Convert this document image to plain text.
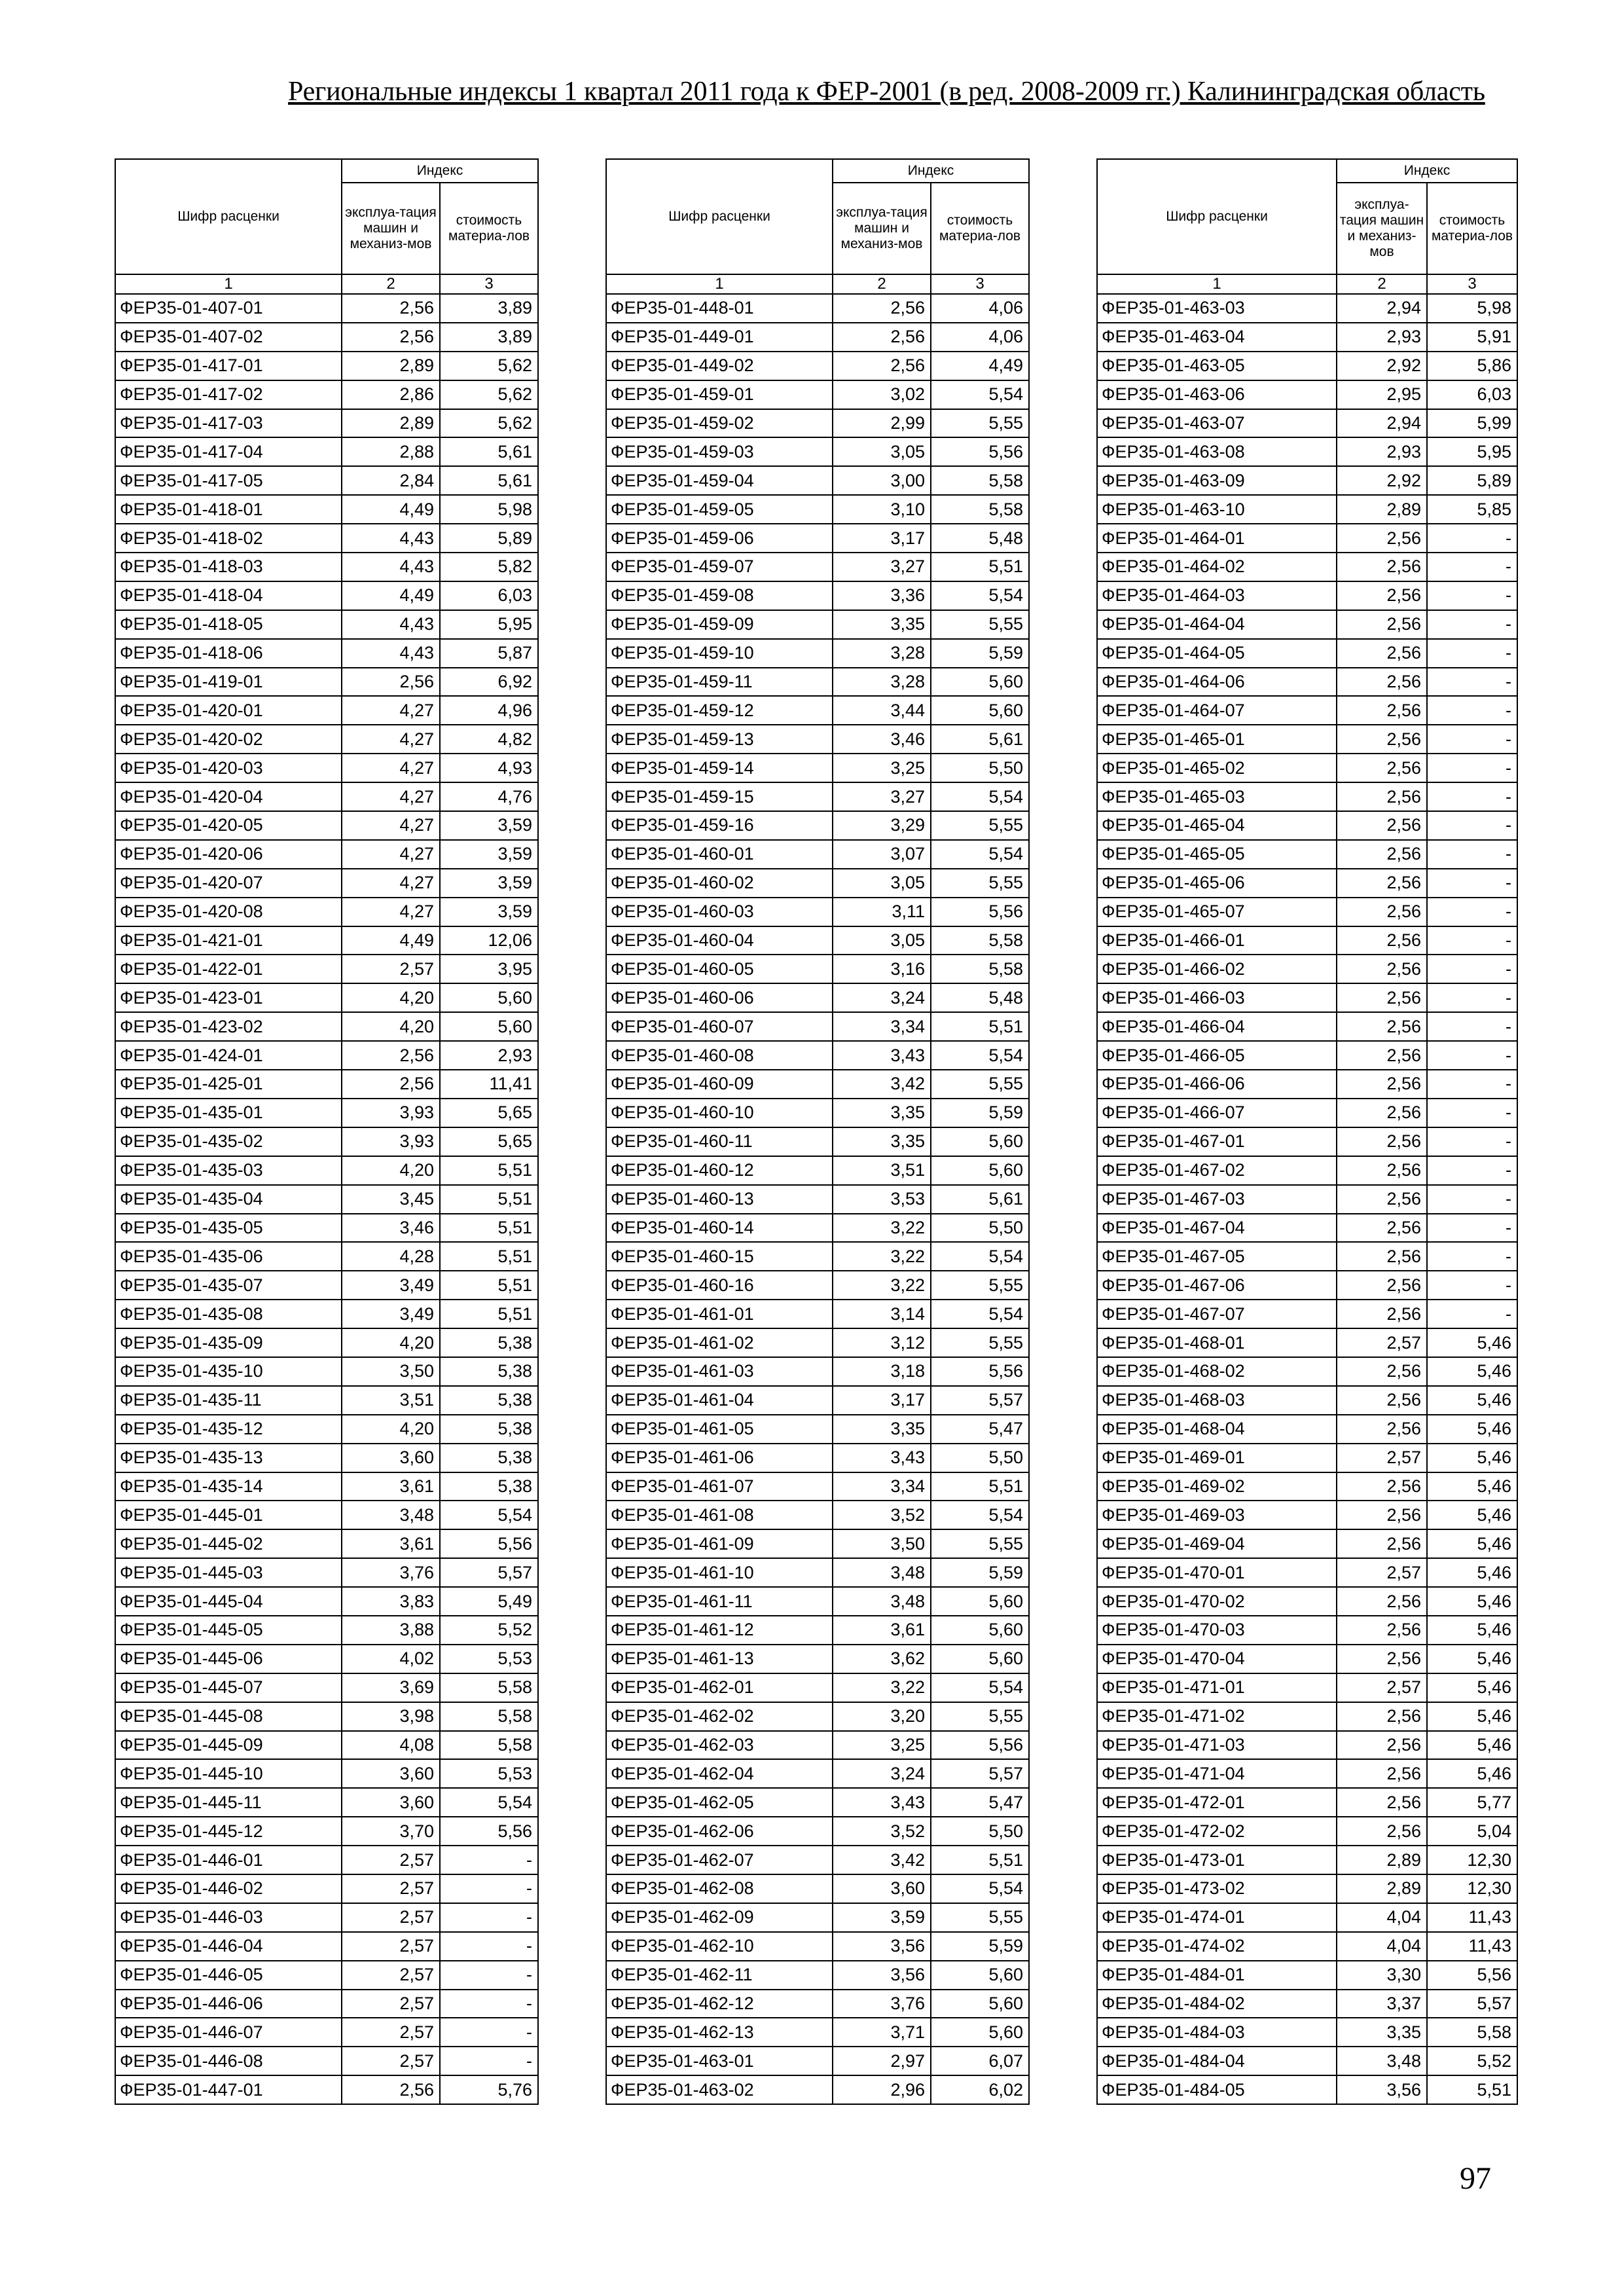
Региональные индексы 1 квартал 2011 года к ФЕР-2001 (в ред. 2008-2009 гг.) Калининградская область
Шифр расценки	Индекс	
	эксплуа-тация машин и механиз-мов	стоимость материа-лов
1	2	3
ФЕР35-01-407-01	2,56	3,89
ФЕР35-01-407-02	2,56	3,89
ФЕР35-01-417-01	2,89	5,62
ФЕР35-01-417-02	2,86	5,62
ФЕР35-01-417-03	2,89	5,62
ФЕР35-01-417-04	2,88	5,61
ФЕР35-01-417-05	2,84	5,61
ФЕР35-01-418-01	4,49	5,98
ФЕР35-01-418-02	4,43	5,89
ФЕР35-01-418-03	4,43	5,82
ФЕР35-01-418-04	4,49	6,03
ФЕР35-01-418-05	4,43	5,95
ФЕР35-01-418-06	4,43	5,87
ФЕР35-01-419-01	2,56	6,92
ФЕР35-01-420-01	4,27	4,96
ФЕР35-01-420-02	4,27	4,82
ФЕР35-01-420-03	4,27	4,93
ФЕР35-01-420-04	4,27	4,76
ФЕР35-01-420-05	4,27	3,59
ФЕР35-01-420-06	4,27	3,59
ФЕР35-01-420-07	4,27	3,59
ФЕР35-01-420-08	4,27	3,59
ФЕР35-01-421-01	4,49	12,06
ФЕР35-01-422-01	2,57	3,95
ФЕР35-01-423-01	4,20	5,60
ФЕР35-01-423-02	4,20	5,60
ФЕР35-01-424-01	2,56	2,93
ФЕР35-01-425-01	2,56	11,41
ФЕР35-01-435-01	3,93	5,65
ФЕР35-01-435-02	3,93	5,65
ФЕР35-01-435-03	4,20	5,51
ФЕР35-01-435-04	3,45	5,51
ФЕР35-01-435-05	3,46	5,51
ФЕР35-01-435-06	4,28	5,51
ФЕР35-01-435-07	3,49	5,51
ФЕР35-01-435-08	3,49	5,51
ФЕР35-01-435-09	4,20	5,38
ФЕР35-01-435-10	3,50	5,38
ФЕР35-01-435-11	3,51	5,38
ФЕР35-01-435-12	4,20	5,38
ФЕР35-01-435-13	3,60	5,38
ФЕР35-01-435-14	3,61	5,38
ФЕР35-01-445-01	3,48	5,54
ФЕР35-01-445-02	3,61	5,56
ФЕР35-01-445-03	3,76	5,57
ФЕР35-01-445-04	3,83	5,49
ФЕР35-01-445-05	3,88	5,52
ФЕР35-01-445-06	4,02	5,53
ФЕР35-01-445-07	3,69	5,58
ФЕР35-01-445-08	3,98	5,58
ФЕР35-01-445-09	4,08	5,58
ФЕР35-01-445-10	3,60	5,53
ФЕР35-01-445-11	3,60	5,54
ФЕР35-01-445-12	3,70	5,56
ФЕР35-01-446-01	2,57	-
ФЕР35-01-446-02	2,57	-
ФЕР35-01-446-03	2,57	-
ФЕР35-01-446-04	2,57	-
ФЕР35-01-446-05	2,57	-
ФЕР35-01-446-06	2,57	-
ФЕР35-01-446-07	2,57	-
ФЕР35-01-446-08	2,57	-
ФЕР35-01-447-01	2,56	5,76
Шифр расценки	Индекс	
	эксплуа-тация машин и механиз-мов	стоимость материа-лов
1	2	3
ФЕР35-01-448-01	2,56	4,06
ФЕР35-01-449-01	2,56	4,06
ФЕР35-01-449-02	2,56	4,49
ФЕР35-01-459-01	3,02	5,54
ФЕР35-01-459-02	2,99	5,55
ФЕР35-01-459-03	3,05	5,56
ФЕР35-01-459-04	3,00	5,58
ФЕР35-01-459-05	3,10	5,58
ФЕР35-01-459-06	3,17	5,48
ФЕР35-01-459-07	3,27	5,51
ФЕР35-01-459-08	3,36	5,54
ФЕР35-01-459-09	3,35	5,55
ФЕР35-01-459-10	3,28	5,59
ФЕР35-01-459-11	3,28	5,60
ФЕР35-01-459-12	3,44	5,60
ФЕР35-01-459-13	3,46	5,61
ФЕР35-01-459-14	3,25	5,50
ФЕР35-01-459-15	3,27	5,54
ФЕР35-01-459-16	3,29	5,55
ФЕР35-01-460-01	3,07	5,54
ФЕР35-01-460-02	3,05	5,55
ФЕР35-01-460-03	3,11	5,56
ФЕР35-01-460-04	3,05	5,58
ФЕР35-01-460-05	3,16	5,58
ФЕР35-01-460-06	3,24	5,48
ФЕР35-01-460-07	3,34	5,51
ФЕР35-01-460-08	3,43	5,54
ФЕР35-01-460-09	3,42	5,55
ФЕР35-01-460-10	3,35	5,59
ФЕР35-01-460-11	3,35	5,60
ФЕР35-01-460-12	3,51	5,60
ФЕР35-01-460-13	3,53	5,61
ФЕР35-01-460-14	3,22	5,50
ФЕР35-01-460-15	3,22	5,54
ФЕР35-01-460-16	3,22	5,55
ФЕР35-01-461-01	3,14	5,54
ФЕР35-01-461-02	3,12	5,55
ФЕР35-01-461-03	3,18	5,56
ФЕР35-01-461-04	3,17	5,57
ФЕР35-01-461-05	3,35	5,47
ФЕР35-01-461-06	3,43	5,50
ФЕР35-01-461-07	3,34	5,51
ФЕР35-01-461-08	3,52	5,54
ФЕР35-01-461-09	3,50	5,55
ФЕР35-01-461-10	3,48	5,59
ФЕР35-01-461-11	3,48	5,60
ФЕР35-01-461-12	3,61	5,60
ФЕР35-01-461-13	3,62	5,60
ФЕР35-01-462-01	3,22	5,54
ФЕР35-01-462-02	3,20	5,55
ФЕР35-01-462-03	3,25	5,56
ФЕР35-01-462-04	3,24	5,57
ФЕР35-01-462-05	3,43	5,47
ФЕР35-01-462-06	3,52	5,50
ФЕР35-01-462-07	3,42	5,51
ФЕР35-01-462-08	3,60	5,54
ФЕР35-01-462-09	3,59	5,55
ФЕР35-01-462-10	3,56	5,59
ФЕР35-01-462-11	3,56	5,60
ФЕР35-01-462-12	3,76	5,60
ФЕР35-01-462-13	3,71	5,60
ФЕР35-01-463-01	2,97	6,07
ФЕР35-01-463-02	2,96	6,02
Шифр расценки	Индекс	
	эксплуа-тация машин и механиз-мов	стоимость материа-лов
1	2	3
ФЕР35-01-463-03	2,94	5,98
ФЕР35-01-463-04	2,93	5,91
ФЕР35-01-463-05	2,92	5,86
ФЕР35-01-463-06	2,95	6,03
ФЕР35-01-463-07	2,94	5,99
ФЕР35-01-463-08	2,93	5,95
ФЕР35-01-463-09	2,92	5,89
ФЕР35-01-463-10	2,89	5,85
ФЕР35-01-464-01	2,56	-
ФЕР35-01-464-02	2,56	-
ФЕР35-01-464-03	2,56	-
ФЕР35-01-464-04	2,56	-
ФЕР35-01-464-05	2,56	-
ФЕР35-01-464-06	2,56	-
ФЕР35-01-464-07	2,56	-
ФЕР35-01-465-01	2,56	-
ФЕР35-01-465-02	2,56	-
ФЕР35-01-465-03	2,56	-
ФЕР35-01-465-04	2,56	-
ФЕР35-01-465-05	2,56	-
ФЕР35-01-465-06	2,56	-
ФЕР35-01-465-07	2,56	-
ФЕР35-01-466-01	2,56	-
ФЕР35-01-466-02	2,56	-
ФЕР35-01-466-03	2,56	-
ФЕР35-01-466-04	2,56	-
ФЕР35-01-466-05	2,56	-
ФЕР35-01-466-06	2,56	-
ФЕР35-01-466-07	2,56	-
ФЕР35-01-467-01	2,56	-
ФЕР35-01-467-02	2,56	-
ФЕР35-01-467-03	2,56	-
ФЕР35-01-467-04	2,56	-
ФЕР35-01-467-05	2,56	-
ФЕР35-01-467-06	2,56	-
ФЕР35-01-467-07	2,56	-
ФЕР35-01-468-01	2,57	5,46
ФЕР35-01-468-02	2,56	5,46
ФЕР35-01-468-03	2,56	5,46
ФЕР35-01-468-04	2,56	5,46
ФЕР35-01-469-01	2,57	5,46
ФЕР35-01-469-02	2,56	5,46
ФЕР35-01-469-03	2,56	5,46
ФЕР35-01-469-04	2,56	5,46
ФЕР35-01-470-01	2,57	5,46
ФЕР35-01-470-02	2,56	5,46
ФЕР35-01-470-03	2,56	5,46
ФЕР35-01-470-04	2,56	5,46
ФЕР35-01-471-01	2,57	5,46
ФЕР35-01-471-02	2,56	5,46
ФЕР35-01-471-03	2,56	5,46
ФЕР35-01-471-04	2,56	5,46
ФЕР35-01-472-01	2,56	5,77
ФЕР35-01-472-02	2,56	5,04
ФЕР35-01-473-01	2,89	12,30
ФЕР35-01-473-02	2,89	12,30
ФЕР35-01-474-01	4,04	11,43
ФЕР35-01-474-02	4,04	11,43
ФЕР35-01-484-01	3,30	5,56
ФЕР35-01-484-02	3,37	5,57
ФЕР35-01-484-03	3,35	5,58
ФЕР35-01-484-04	3,48	5,52
ФЕР35-01-484-05	3,56	5,51
97
